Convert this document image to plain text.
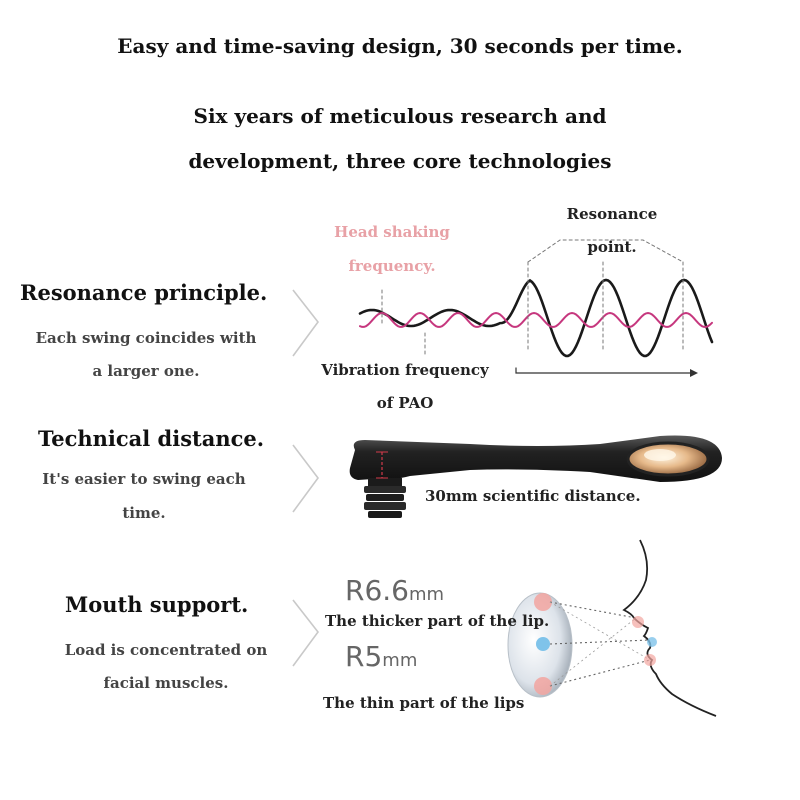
Easy and time-saving design, 30 seconds per time.
Six years of meticulous research and
development, three core technologies
Resonance principle.
Each swing coincides with
a larger one.
Head shaking
frequency.
Resonance
point.
Vibration frequency
of PAO
Technical distance.
It's easier to swing each
time.
30mm scientific distance.
Mouth support.
Load is concentrated on
facial muscles.
R6.6mm
The thicker part of the lip.
R5mm
The thin part of the lips
